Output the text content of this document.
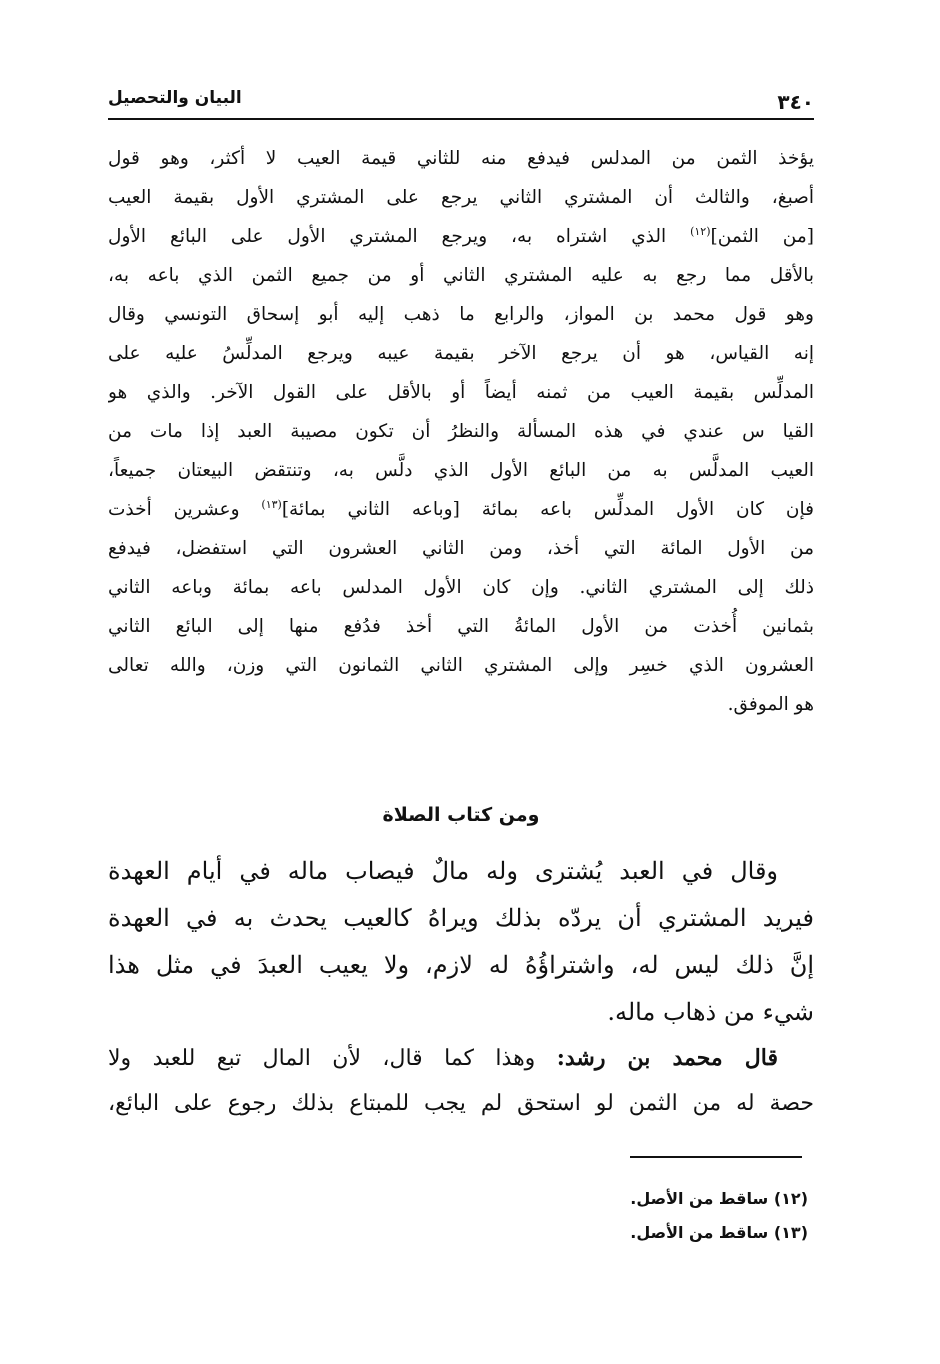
٣٤٠
البيان والتحصيل
يؤخذ الثمن من المدلس فيدفع منه للثاني قيمة العيب لا أكثر، وهو قول
أصبغ، والثالث أن المشتري الثاني يرجع على المشتري الأول بقيمة العيب
[من الثمن]$^{(١٢)}$ الذي اشتراه به، ويرجع المشتري الأول على البائع الأول
بالأقل مما رجع به عليه المشتري الثاني أو من جميع الثمن الذي باعه به،
وهو قول محمد بن المواز، والرابع ما ذهب إليه أبو إسحاق التونسي وقال
إنه القياس، هو أن يرجع الآخر بقيمة عيبه ويرجع المدلِّسُ عليه على
المدلِّس بقيمة العيب من ثمنه أيضاً أو بالأقل على القول الآخر. والذي هو
القيا س عندي في هذه المسألة والنظرُ أن تكون مصيبة العبد إذا مات من
العيب المدلَّس به من البائع الأول الذي دلَّس به، وتنتقض البيعتان جميعاً،
فإن كان الأول المدلِّس باعه بمائة [وباعه الثاني بمائة]$^{(١٣)}$ وعشرين أخذت
من الأول المائة التي أخذ، ومن الثاني العشرون التي استفضل، فيدفع
ذلك إلى المشتري الثاني. وإن كان الأول المدلس باعه بمائة وباعه الثاني
بثمانين أُخذت من الأول المائةُ التي أخذ فدُفع منها إلى البائع الثاني
العشرون الذي خسِر وإلى المشتري الثاني الثمانون التي وزن، والله تعالى
هو الموفق.
ومن كتاب الصلاة
وقال في العبد يُشترى وله مالٌ فيصاب ماله في أيام العهدة
فيريد المشتري أن يردّه بذلك ويراهُ كالعيب يحدث به في العهدة
إنَّ ذلك ليس له، واشتراؤُهُ له لازم، ولا يعيب العبدَ في مثل هذا
شيء من ذهاب ماله.
قال محمد بن رشد: وهذا كما قال، لأن المال تبع للعبد ولا
حصة له من الثمن لو استحق لم يجب للمبتاع بذلك رجوع على البائع،
(١٢) ساقط من الأصل.
(١٣) ساقط من الأصل.
